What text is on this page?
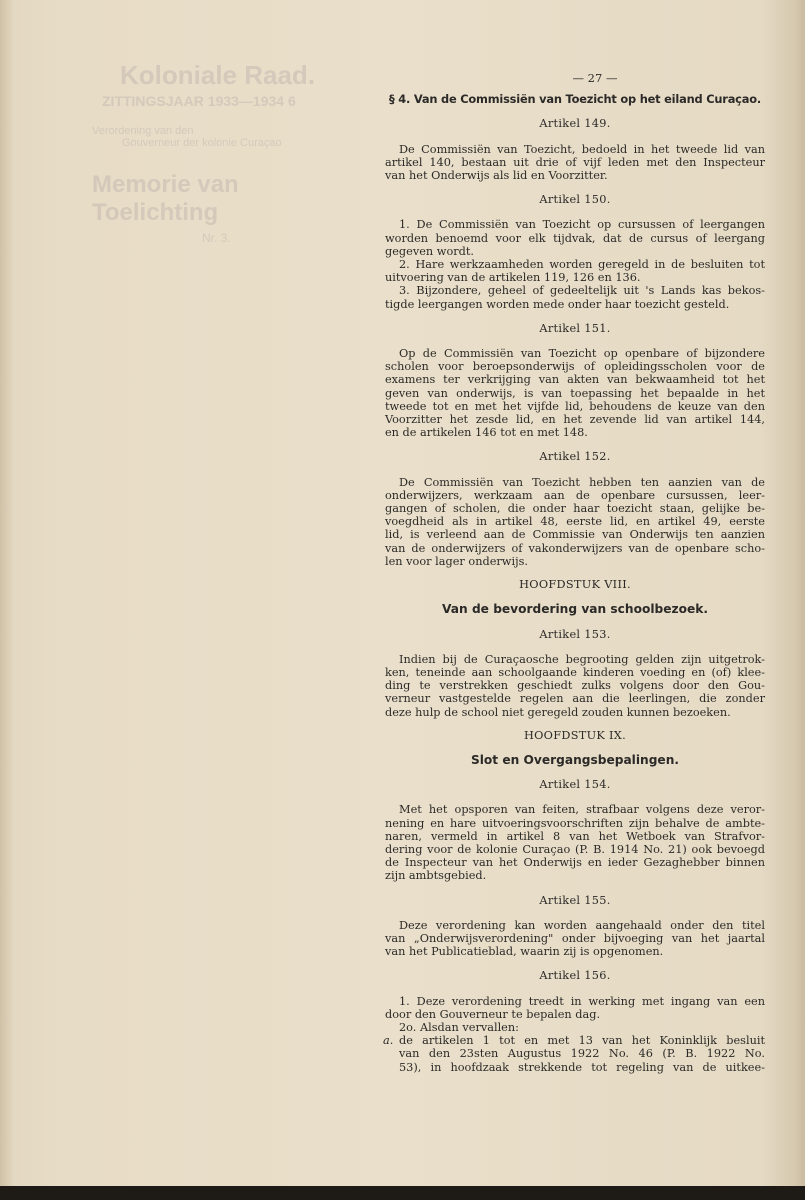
Koloniale Raad.
ZITTINGSJAAR 1933—1934 6
Verordening van den
Gouverneur der kolonie Curaçao
Memorie van Toelichting
Nr. 3.
— 27 —
§ 4. Van de Commissiën van Toezicht op het eiland Curaçao.
Artikel 149.
De Commissiën van Toezicht, bedoeld in het tweede lid van
artikel 140, bestaan uit drie of vijf leden met den Inspecteur
van het Onderwijs als lid en Voorzitter.
Artikel 150.
1. De Commissiën van Toezicht op cursussen of leergangen
worden benoemd voor elk tijdvak, dat de cursus of leergang
gegeven wordt.
2. Hare werkzaamheden worden geregeld in de besluiten tot
uitvoering van de artikelen 119, 126 en 136.
3. Bijzondere, geheel of gedeeltelijk uit 's Lands kas bekos-
tigde leergangen worden mede onder haar toezicht gesteld.
Artikel 151.
Op de Commissiën van Toezicht op openbare of bijzondere
scholen voor beroepsonderwijs of opleidingsscholen voor de
examens ter verkrijging van akten van bekwaamheid tot het
geven van onderwijs, is van toepassing het bepaalde in het
tweede tot en met het vijfde lid, behoudens de keuze van den
Voorzitter het zesde lid, en het zevende lid van artikel 144,
en de artikelen 146 tot en met 148.
Artikel 152.
De Commissiën van Toezicht hebben ten aanzien van de
onderwijzers, werkzaam aan de openbare cursussen, leer-
gangen of scholen, die onder haar toezicht staan, gelijke be-
voegdheid als in artikel 48, eerste lid, en artikel 49, eerste
lid, is verleend aan de Commissie van Onderwijs ten aanzien
van de onderwijzers of vakonderwijzers van de openbare scho-
len voor lager onderwijs.
HOOFDSTUK VIII.
Van de bevordering van schoolbezoek.
Artikel 153.
Indien bij de Curaçaosche begrooting gelden zijn uitgetrok-
ken, teneinde aan schoolgaande kinderen voeding en (of) klee-
ding te verstrekken geschiedt zulks volgens door den Gou-
verneur vastgestelde regelen aan die leerlingen, die zonder
deze hulp de school niet geregeld zouden kunnen bezoeken.
HOOFDSTUK IX.
Slot en Overgangsbepalingen.
Artikel 154.
Met het opsporen van feiten, strafbaar volgens deze veror-
nening en hare uitvoeringsvoorschriften zijn behalve de ambte-
naren, vermeld in artikel 8 van het Wetboek van Strafvor-
dering voor de kolonie Curaçao (P. B. 1914 No. 21) ook bevoegd
de Inspecteur van het Onderwijs en ieder Gezaghebber binnen
zijn ambtsgebied.
Artikel 155.
Deze verordening kan worden aangehaald onder den titel
van „Onderwijsverordening" onder bijvoeging van het jaartal
van het Publicatieblad, waarin zij is opgenomen.
Artikel 156.
1. Deze verordening treedt in werking met ingang van een
door den Gouverneur te bepalen dag.
2o. Alsdan vervallen:
a. de artikelen 1 tot en met 13 van het Koninklijk besluit
van den 23sten Augustus 1922 No. 46 (P. B. 1922 No.
53), in hoofdzaak strekkende tot regeling van de uitkee-
